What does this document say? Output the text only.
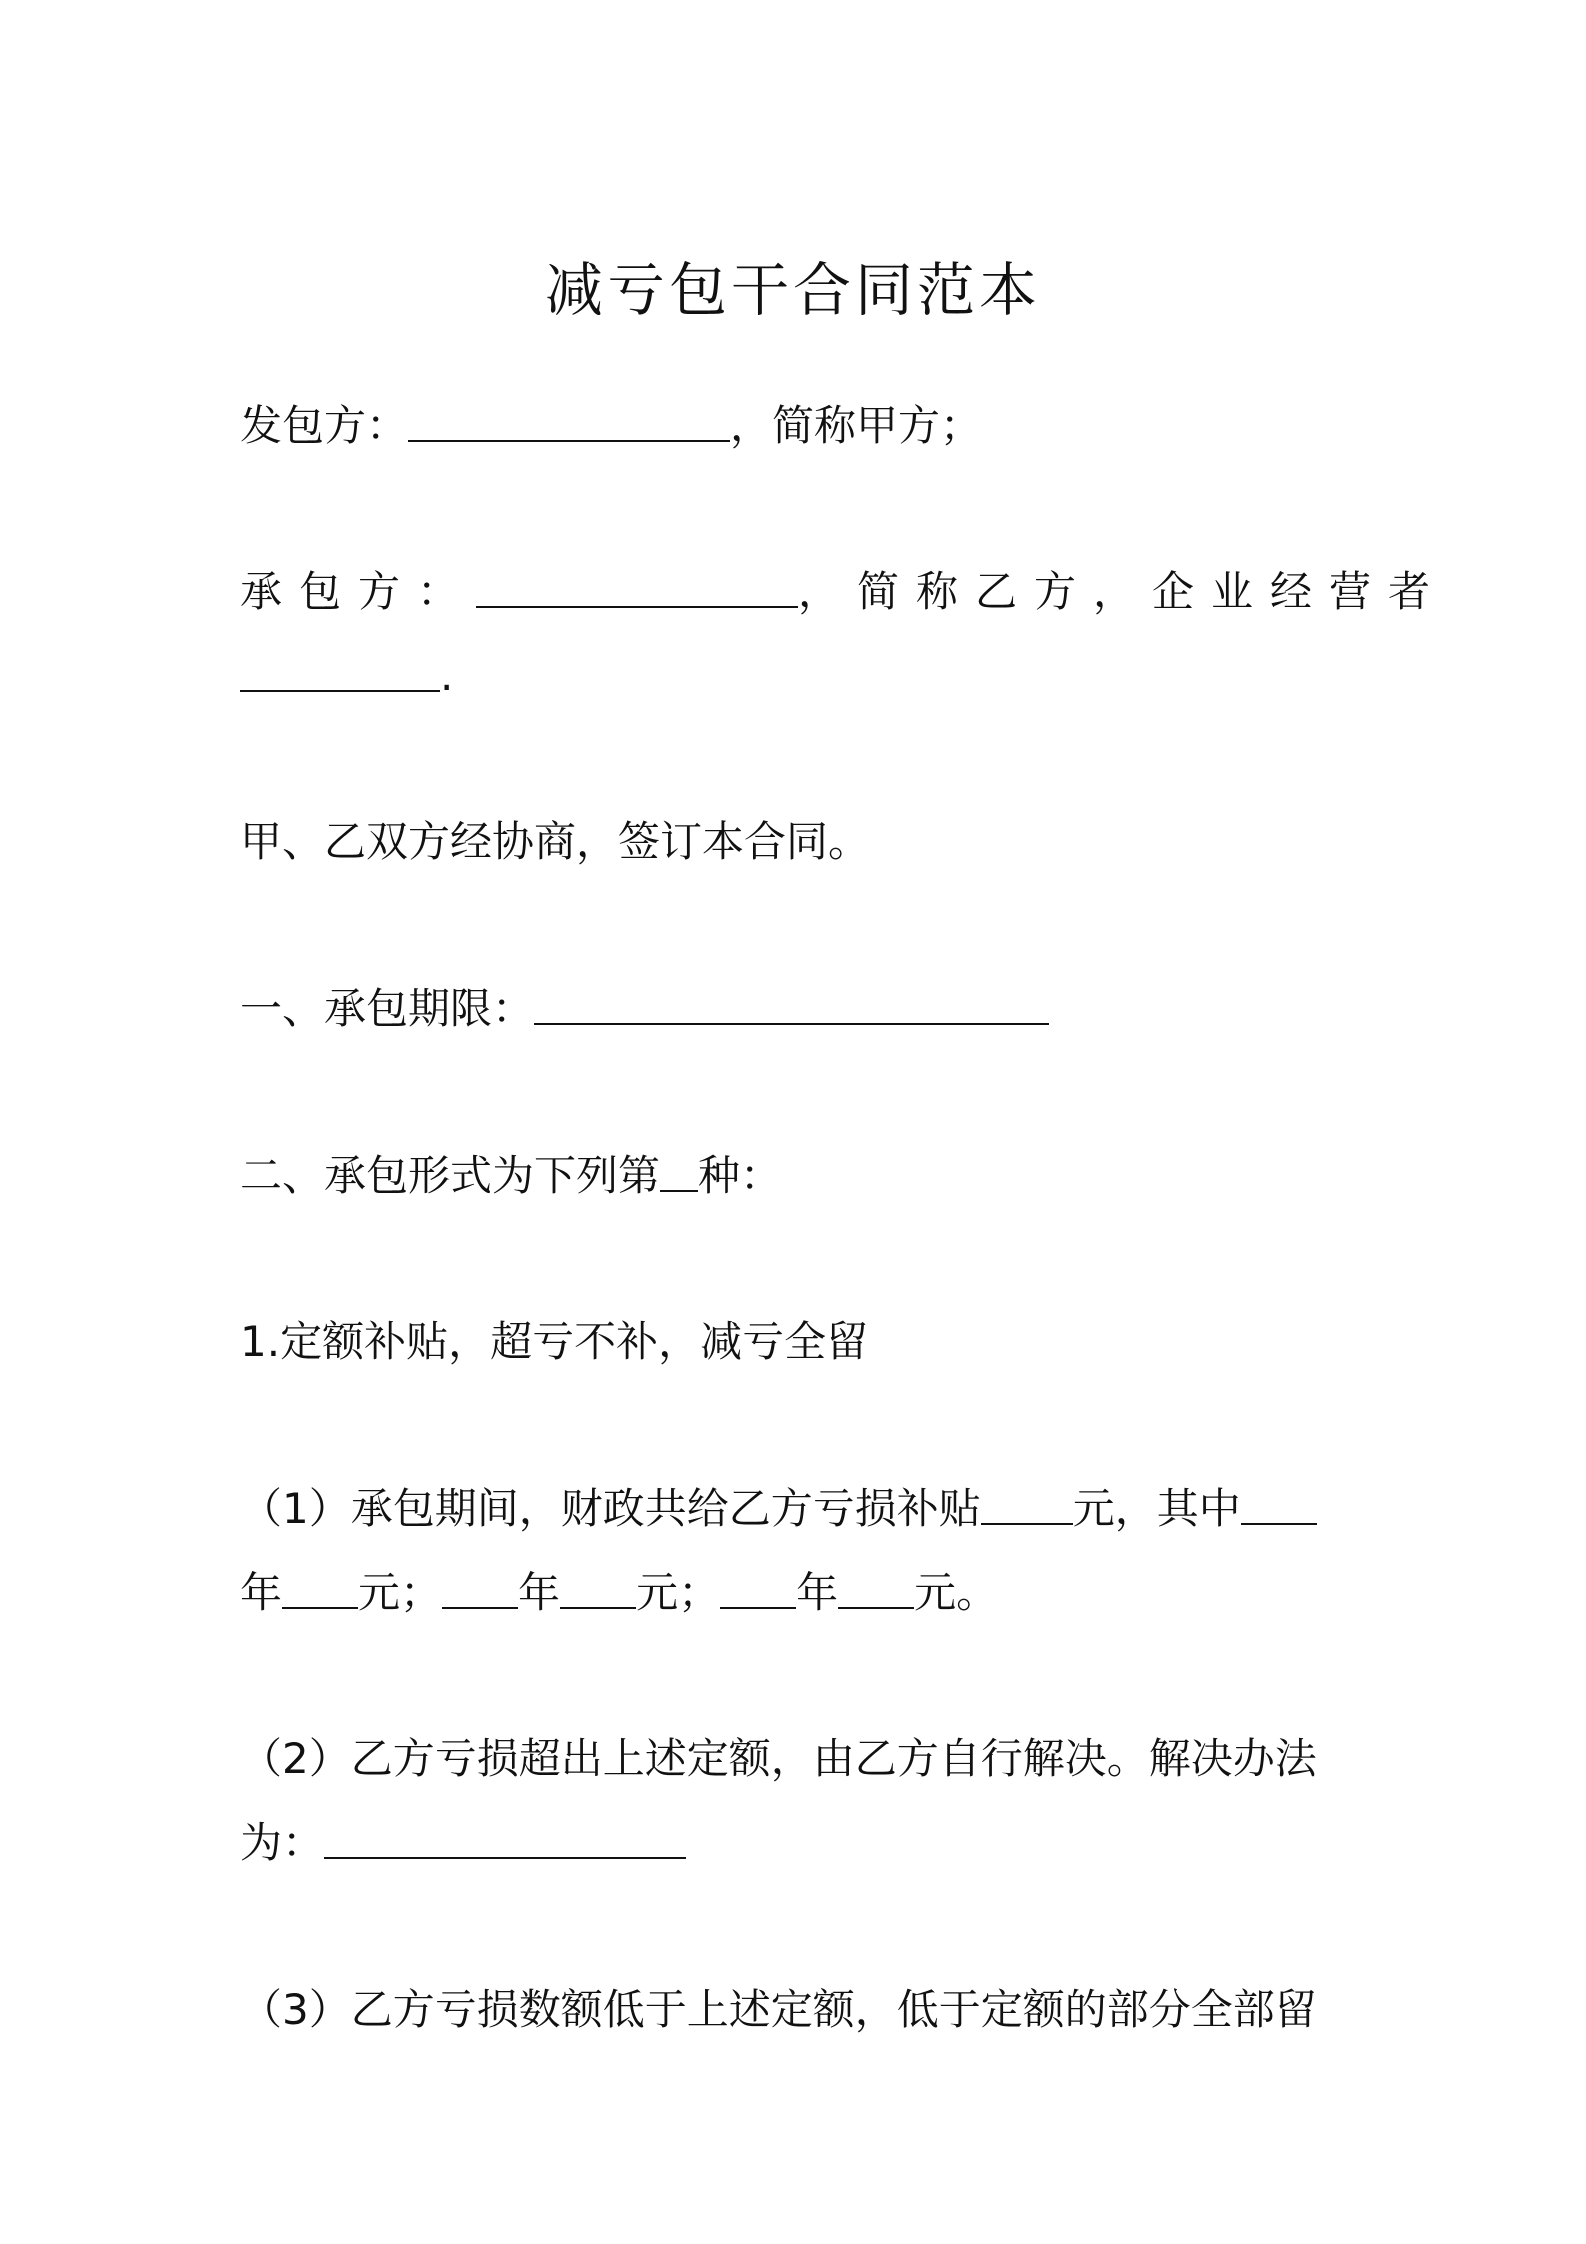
减亏包干合同范本

发包方：	，简称甲方；

承包方：	，简称乙方，企业经营者

.

甲、乙双方经协商，签订本合同。

一、承包期限：

二、承包形式为下列第 种：

1.定额补贴，超亏不补，减亏全留

（1）承包期间，财政共给乙方亏损补贴 元，其中

年 元； 年 元； 年 元。

（2）乙方亏损超出上述定额，由乙方自行解决。解决办法

为：

（3）乙方亏损数额低于上述定额，低于定额的部分全部留
